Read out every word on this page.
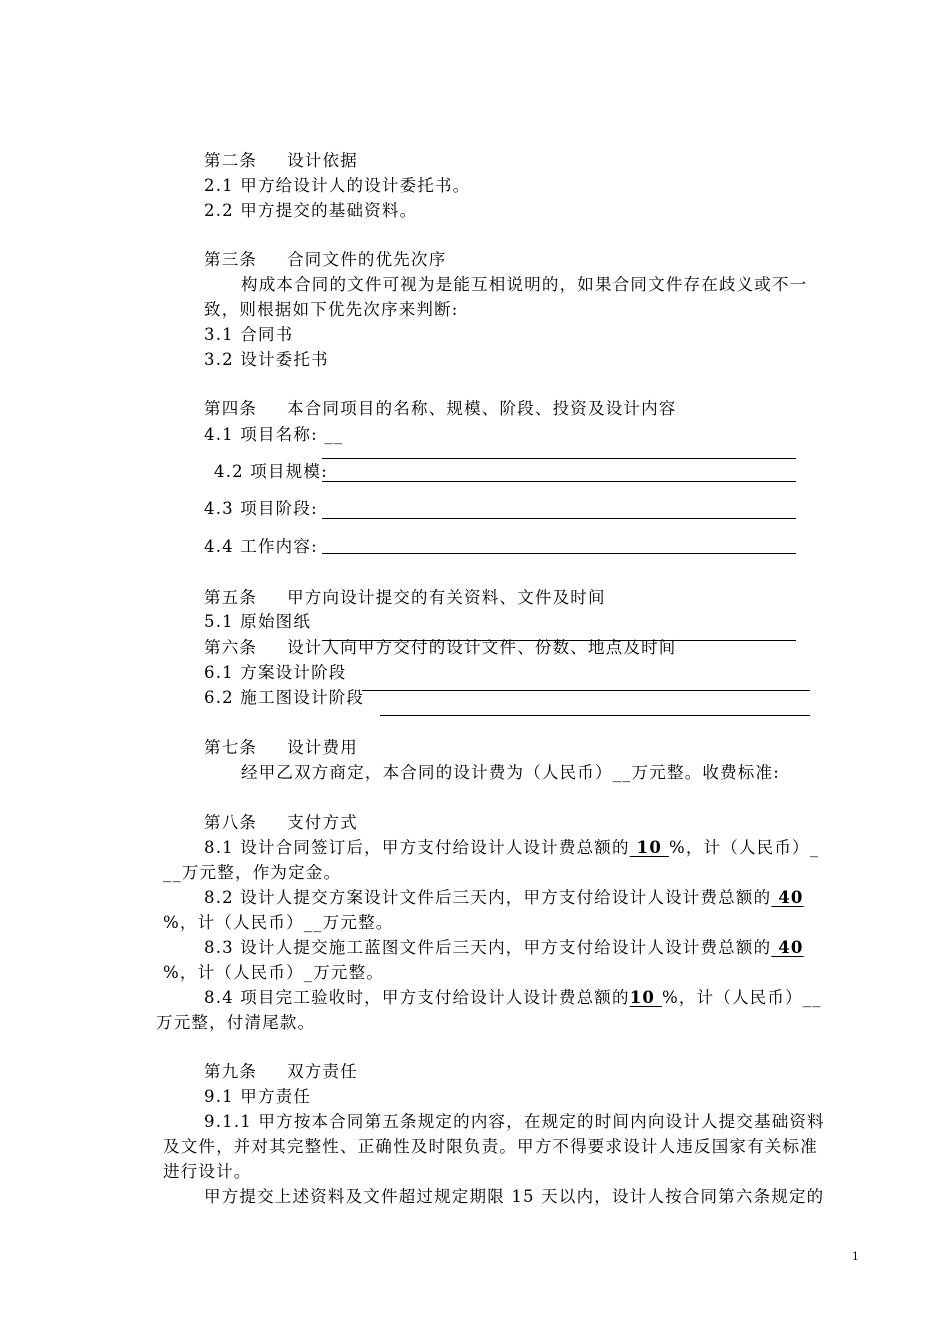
第二条 设计依据
2.1 甲方给设计人的设计委托书。
2.2 甲方提交的基础资料。
第三条 合同文件的优先次序
构成本合同的文件可视为是能互相说明的，如果合同文件存在歧义或不一
致，则根据如下优先次序来判断:
3.1 合同书
3.2 设计委托书
第四条 本合同项目的名称、规模、阶段、投资及设计内容
4.1 项目名称: __
4.2 项目规模:
4.3 项目阶段:
4.4 工作内容:
第五条 甲方向设计提交的有关资料、文件及时间
5.1 原始图纸
第六条 设计人向甲方交付的设计文件、份数、地点及时间
6.1 方案设计阶段
6.2 施工图设计阶段
第七条 设计费用
经甲乙双方商定，本合同的设计费为（人民币）__万元整。收费标准:
第八条 支付方式
8.1 设计合同签订后，甲方支付给设计人设计费总额的 10 %，计（人民币）_
__万元整，作为定金。
8.2 设计人提交方案设计文件后三天内，甲方支付给设计人设计费总额的 40
%，计（人民币）__万元整。
8.3 设计人提交施工蓝图文件后三天内，甲方支付给设计人设计费总额的 40
%，计（人民币）_万元整。
8.4 项目完工验收时，甲方支付给设计人设计费总额的10 %，计（人民币）__
万元整，付清尾款。
第九条 双方责任
9.1 甲方责任
9.1.1 甲方按本合同第五条规定的内容，在规定的时间内向设计人提交基础资料
及文件，并对其完整性、正确性及时限负责。甲方不得要求设计人违反国家有关标准
进行设计。
甲方提交上述资料及文件超过规定期限 15 天以内，设计人按合同第六条规定的
1
